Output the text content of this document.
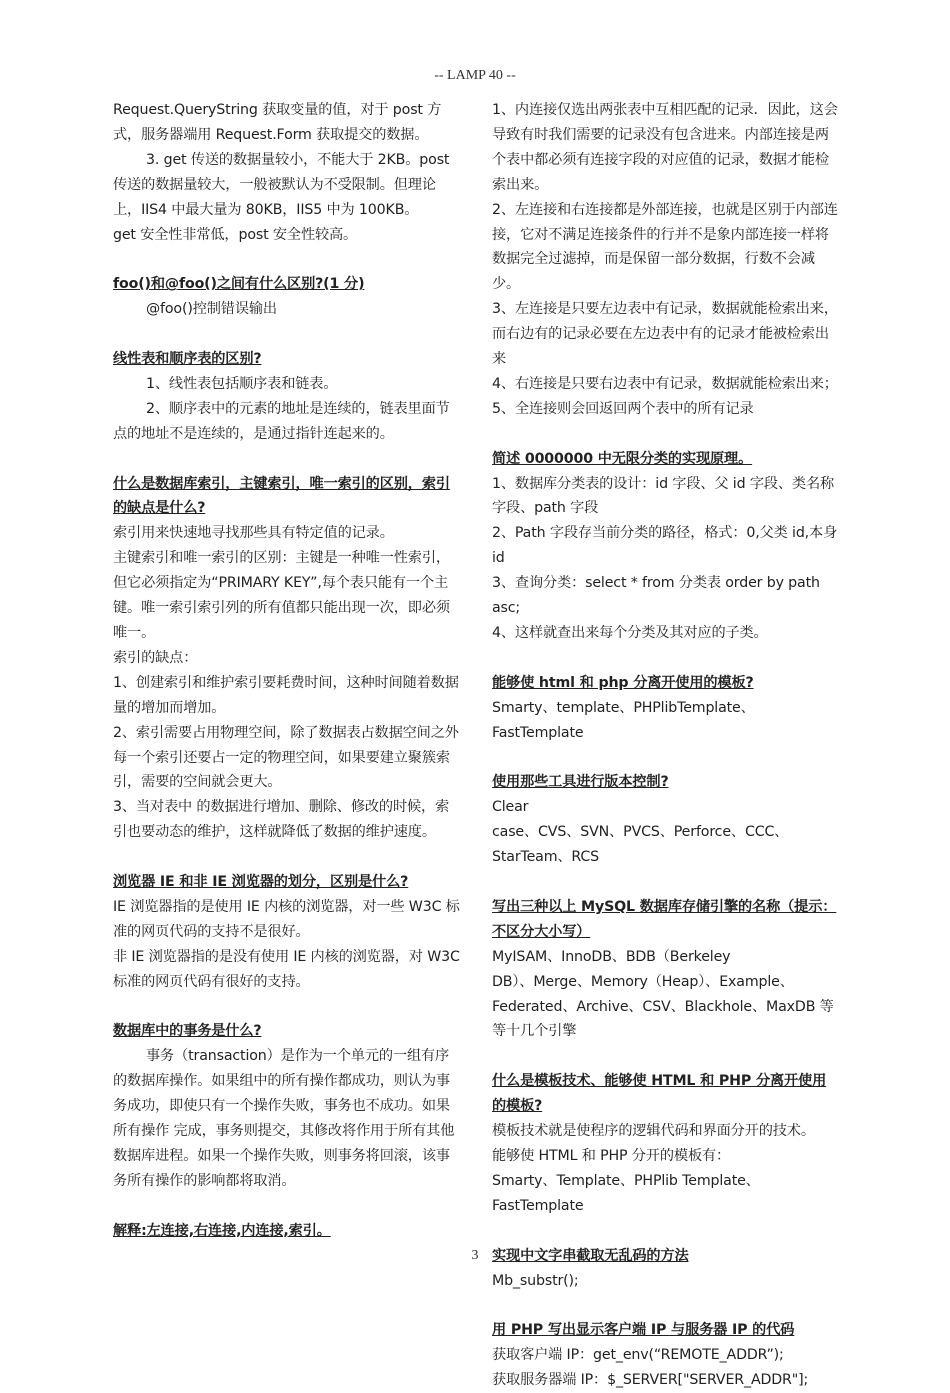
-- LAMP 40 --

Request.QueryString 获取变量的值，对于 post 方式，服务器端用 Request.Form 获取提交的数据。

3. get 传送的数据量较小，不能大于 2KB。post 传送的数据量较大，一般被默认为不受限制。但理论上，IIS4 中最大量为 80KB，IIS5 中为 100KB。

get 安全性非常低，post 安全性较高。

foo()和@foo()之间有什么区别?(1 分)

@foo()控制错误输出

线性表和顺序表的区别?

1、线性表包括顺序表和链表。

2、顺序表中的元素的地址是连续的，链表里面节点的地址不是连续的，是通过指针连起来的。

什么是数据库索引，主键索引，唯一索引的区别，索引的缺点是什么?

索引用来快速地寻找那些具有特定值的记录。

主键索引和唯一索引的区别：主键是一种唯一性索引，但它必须指定为“PRIMARY KEY”,每个表只能有一个主键。唯一索引索引列的所有值都只能出现一次，即必须唯一。

索引的缺点：

1、创建索引和维护索引要耗费时间，这种时间随着数据量的增加而增加。

2、索引需要占用物理空间，除了数据表占数据空间之外每一个索引还要占一定的物理空间，如果要建立聚簇索引，需要的空间就会更大。

3、当对表中 的数据进行增加、删除、修改的时候，索引也要动态的维护，这样就降低了数据的维护速度。

浏览器 IE 和非 IE 浏览器的划分，区别是什么?

IE 浏览器指的是使用 IE 内核的浏览器，对一些 W3C 标准的网页代码的支持不是很好。

非 IE 浏览器指的是没有使用 IE 内核的浏览器，对 W3C 标准的网页代码有很好的支持。

数据库中的事务是什么?

事务（transaction）是作为一个单元的一组有序的数据库操作。如果组中的所有操作都成功，则认为事务成功，即使只有一个操作失败，事务也不成功。如果所有操作 完成，事务则提交，其修改将作用于所有其他数据库进程。如果一个操作失败，则事务将回滚，该事务所有操作的影响都将取消。

解释:左连接,右连接,内连接,索引。

1、内连接仅选出两张表中互相匹配的记录．因此，这会导致有时我们需要的记录没有包含进来。内部连接是两个表中都必须有连接字段的对应值的记录，数据才能检索出来。

2、左连接和右连接都是外部连接，也就是区别于内部连接，它对不满足连接条件的行并不是象内部连接一样将数据完全过滤掉，而是保留一部分数据，行数不会减少。

3、左连接是只要左边表中有记录，数据就能检索出来，而右边有的记录必要在左边表中有的记录才能被检索出来

4、右连接是只要右边表中有记录，数据就能检索出来；

5、全连接则会回返回两个表中的所有记录

简述 0000000 中无限分类的实现原理。

1、数据库分类表的设计：id 字段、父 id 字段、类名称字段、path 字段

2、Path 字段存当前分类的路径，格式：0,父类 id,本身 id

3、查询分类：select * from 分类表 order by path asc;

4、这样就查出来每个分类及其对应的子类。

能够使 html 和 php 分离开使用的模板?

Smarty、template、PHPlibTemplate、FastTemplate

使用那些工具进行版本控制?

Clear

case、CVS、SVN、PVCS、Perforce、CCC、StarTeam、RCS

写出三种以上 MySQL 数据库存储引擎的名称（提示：不区分大小写）

MyISAM、InnoDB、BDB（Berkeley

DB）、Merge、Memory（Heap）、Example、Federated、Archive、CSV、Blackhole、MaxDB 等等十几个引擎

什么是模板技术、能够使 HTML 和 PHP 分离开使用的模板?

模板技术就是使程序的逻辑代码和界面分开的技术。

能够使 HTML 和 PHP 分开的模板有：

Smarty、Template、PHPlib Template、FastTemplate

实现中文字串截取无乱码的方法

Mb_substr();

用 PHP 写出显示客户端 IP 与服务器 IP 的代码

获取客户端 IP：get_env(“REMOTE_ADDR”);

获取服务器端 IP：$_SERVER["SERVER_ADDR"];

3
